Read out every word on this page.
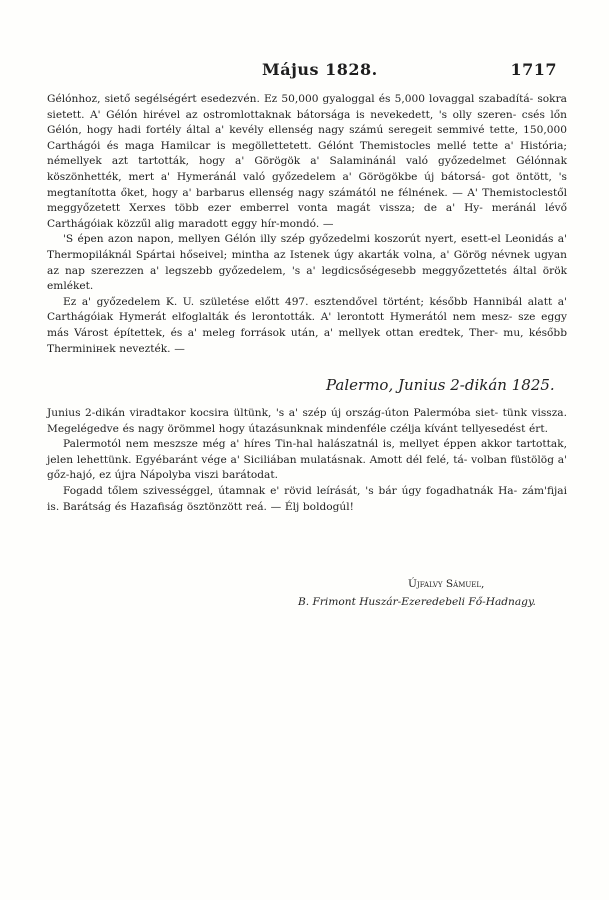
Május 1828.	1717

Gélónhoz, siető segélségért esedezvén. Ez 50,000 gyaloggal és 5,000 lovaggal szabadítá- sokra sietett. A' Gélón hirével az ostromlottaknak bátorsága is nevekedett, 's olly szeren- csés lőn Gélón, hogy hadi fortély által a' kevély ellenség nagy számú seregeit semmivé tette, 150,000 Carthágói és maga Hamilcar is megöllettetett. Gélónt Themistocles mellé tette a' História; némellyek azt tartották, hogy a' Görögök a' Salaminánál való győzedelmet Gélónnak köszönhették, mert a' Hymeránál való győzedelem a' Görögökbe új bátorsá- got öntött, 's megtanította őket, hogy a' barbarus ellenség nagy számától ne félnének. — A' Themistoclestől meggyőzetett Xerxes több ezer emberrel vonta magát vissza; de a' Hy- meránál lévő Carthágóiak közzűl alig maradott eggy hír-mondó. —

'S épen azon napon, mellyen Gélón illy szép győzedelmi koszorút nyert, esett-el Leonidás a' Thermopiláknál Spártai hőseivel; mintha az Istenek úgy akarták volna, a' Görög névnek ugyan az nap szerezzen a' legszebb győzedelem, 's a' legdicsőségesebb meggyőzettetés által örök emléket.

Ez a' győzedelem K. U. születése előtt 497. esztendővel történt; később Hannibál alatt a' Carthágóiak Hymerát elfoglalták és lerontották. A' lerontott Hymerától nem mesz- sze eggy más Várost építettek, és a' meleg források után, a' mellyek ottan eredtek, Ther- mu, később Therminінek nevezték. —

Palermo, Junius 2-dikán 1825.

Junius 2-dikán viradtakor kocsira ültünk, 's a' szép új ország-úton Palermóba siet- tünk vissza. Megelégedve és nagy örömmel hogy útazásunknak mindenféle czélja kívánt tellyesedést ért.

Palermotól nem meszsze még a' híres Tin-hal halászatnál is, mellyet éppen akkor tartottak, jelen lehettünk. Egyébaránt vége a' Siciliában mulatásnak. Amott dél felé, tá- volban füstölög a' gőz-hajó, ez újra Nápolyba viszi barátodat.

Fogadd tőlem szivességgel, útamnak e' rövid leírását, 's bár úgy fogadhatnák Ha- zám'fijai is. Barátság és Hazafiság ösztönzött reá. — Élj boldogúl!

Újfalvy Sámuel,
B. Frimont Huszár-Ezeredebeli Fő-Hadnagy.
